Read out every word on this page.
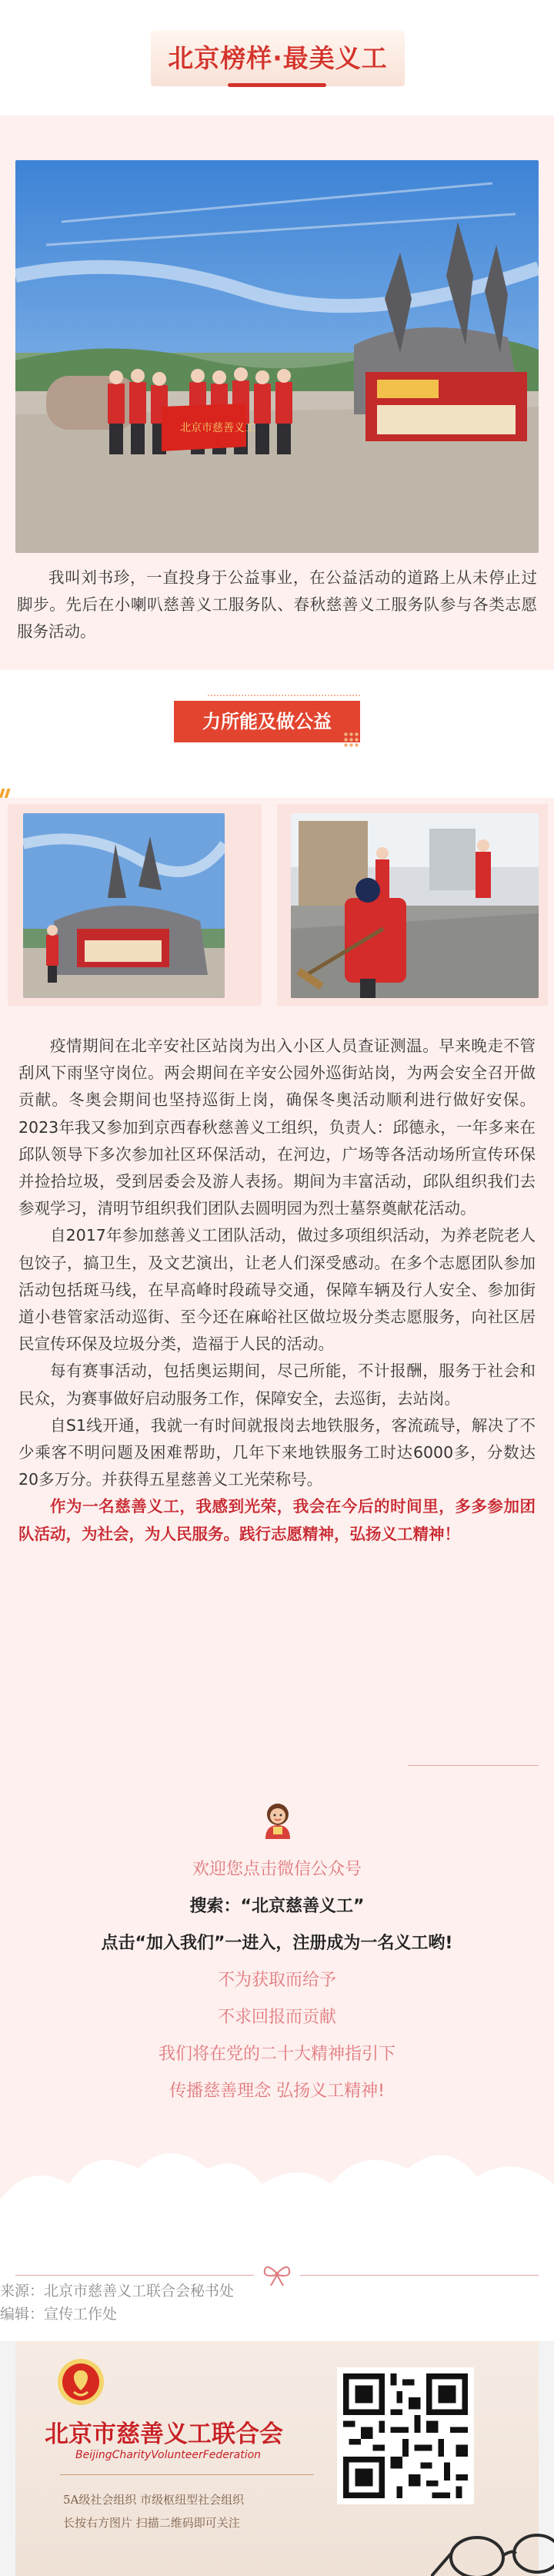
北京榜样·最美义工
北京市慈善义工
我叫刘书珍，一直投身于公益事业，在公益活动的道路上从未停止过脚步。先后在小喇叭慈善义工服务队、春秋慈善义工服务队参与各类志愿服务活动。
力所能及做公益

疫情期间在北辛安社区站岗为出入小区人员查证测温。早来晚走不管刮风下雨坚守岗位。两会期间在辛安公园外巡街站岗，为两会安全召开做贡献。冬奥会期间也坚持巡街上岗，确保冬奥活动顺利进行做好安保。2023年我又参加到京西春秋慈善义工组织，负责人：邱德永，一年多来在邱队领导下多次参加社区环保活动，在河边，广场等各活动场所宣传环保并捡拾垃圾，受到居委会及游人表扬。期间为丰富活动，邱队组织我们去参观学习，清明节组织我们团队去圆明园为烈士墓祭奠献花活动。

自2017年参加慈善义工团队活动，做过多项组织活动，为养老院老人包饺子，搞卫生，及文艺演出，让老人们深受感动。在多个志愿团队参加活动包括斑马线，在早高峰时段疏导交通，保障车辆及行人安全、参加街道小巷管家活动巡街、至今还在麻峪社区做垃圾分类志愿服务，向社区居民宣传环保及垃圾分类，造福于人民的活动。

每有赛事活动，包括奥运期间，尽己所能，不计报酬，服务于社会和民众，为赛事做好启动服务工作，保障安全，去巡街，去站岗。

自S1线开通，我就一有时间就报岗去地铁服务，客流疏导，解决了不少乘客不明问题及困难帮助，几年下来地铁服务工时达6000多，分数达20多万分。并获得五星慈善义工光荣称号。

作为一名慈善义工，我感到光荣，我会在今后的时间里，多多参加团队活动，为社会，为人民服务。践行志愿精神，弘扬义工精神！

欢迎您点击微信公众号
搜索：“北京慈善义工”
点击“加入我们”一进入，注册成为一名义工哟!
不为获取而给予
不求回报而贡献
我们将在党的二十大精神指引下
传播慈善理念 弘扬义工精神!
来源：北京市慈善义工联合会秘书处
编辑：宣传工作处
北京市慈善义工联合会
BeijingCharityVolunteerFederation
5A级社会组织 市级枢纽型社会组织
长按右方图片 扫描二维码即可关注
